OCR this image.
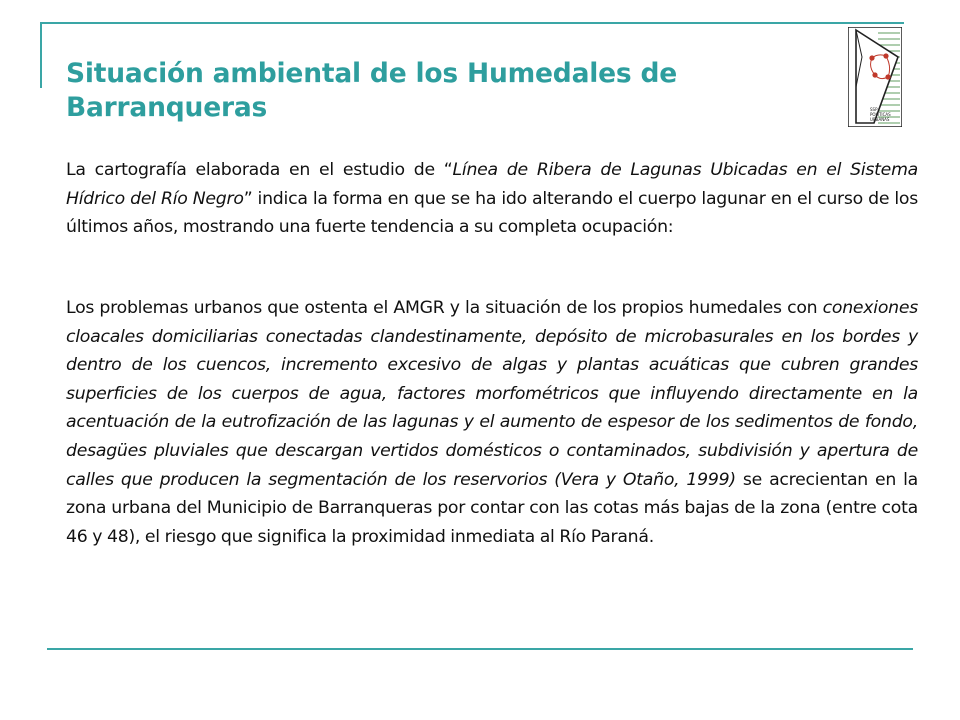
SSP
POLITICAS
URBANAS
Situación ambiental de los Humedales de Barranqueras

La cartografía elaborada en el estudio de “Línea de Ribera de Lagunas Ubicadas en el Sistema Hídrico del Río Negro” indica la forma en que se ha ido alterando el cuerpo lagunar en el curso de los últimos años, mostrando una fuerte tendencia a su completa ocupación:

Los problemas urbanos que ostenta el AMGR y la situación de los propios humedales con conexiones cloacales domiciliarias conectadas clandestinamente, depósito de microbasurales en los bordes y dentro de los cuencos, incremento excesivo de algas y plantas acuáticas que cubren grandes superficies de los cuerpos de agua, factores morfométricos que influyendo directamente en la acentuación de la eutrofización de las lagunas y el aumento de espesor de los sedimentos de fondo, desagües pluviales que descargan vertidos domésticos o contaminados, subdivisión y apertura de calles que producen la segmentación de los reservorios (Vera y Otaño, 1999) se acrecientan en la zona urbana del Municipio de Barranqueras por contar con las cotas más bajas de la zona (entre cota 46 y 48), el riesgo que significa la proximidad inmediata al Río Paraná.
